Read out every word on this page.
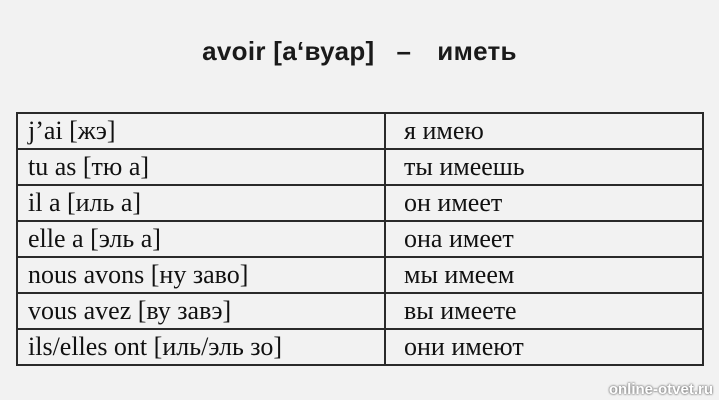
avoir [а‘вуар] – иметь
j’ai [жэ]	я имею
tu as [тю а]	ты имеешь
il a [иль а]	он имеет
elle a [эль а]	она имеет
nous avons [ну заво]	мы имеем
vous avez [ву завэ]	вы имеете
ils/elles ont [иль/эль зо]	они имеют
online-otvet.ru
